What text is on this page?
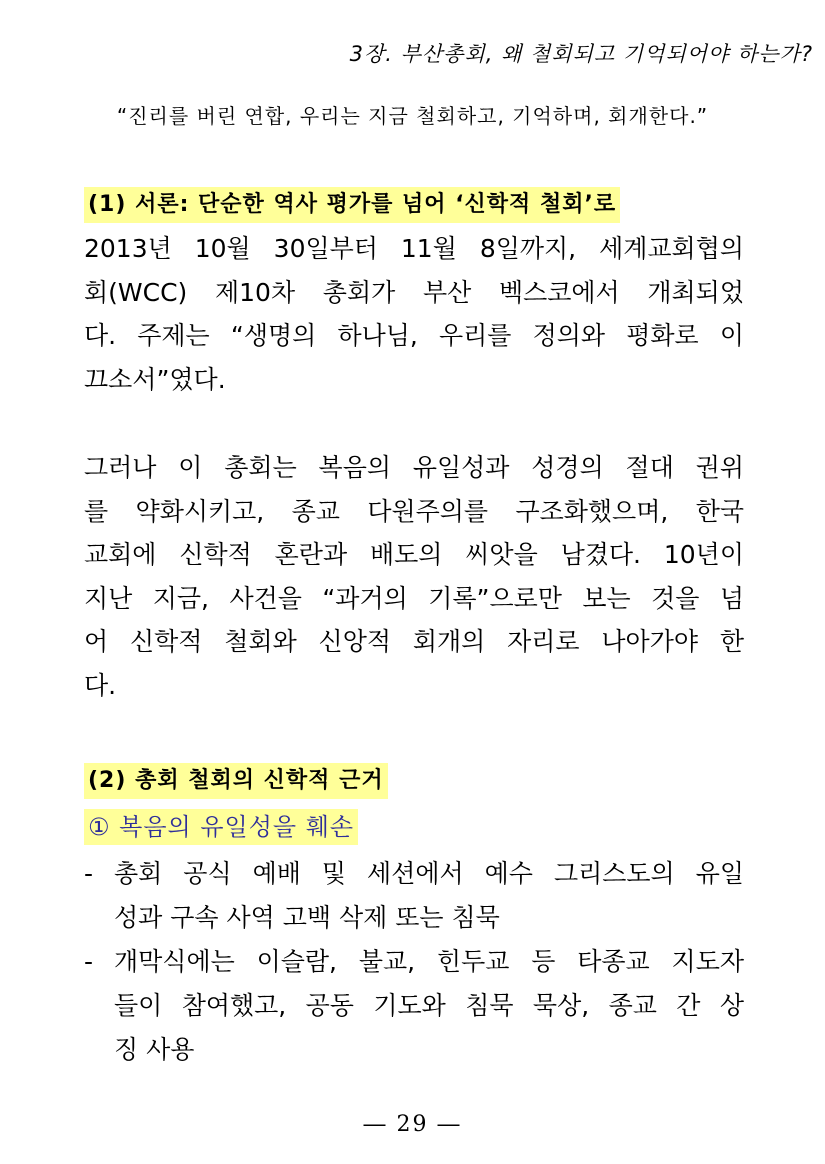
3장. 부산총회, 왜 철회되고 기억되어야 하는가?
“진리를 버린 연합, 우리는 지금 철회하고, 기억하며, 회개한다.”
(1) 서론: 단순한 역사 평가를 넘어 ‘신학적 철회’로
2013년 10월 30일부터 11월 8일까지, 세계교회협의
회(WCC) 제10차 총회가 부산 벡스코에서 개최되었
다. 주제는 “생명의 하나님, 우리를 정의와 평화로 이
끄소서”였다.
그러나 이 총회는 복음의 유일성과 성경의 절대 권위
를 약화시키고, 종교 다원주의를 구조화했으며, 한국
교회에 신학적 혼란과 배도의 씨앗을 남겼다. 10년이
지난 지금, 사건을 “과거의 기록”으로만 보는 것을 넘
어 신학적 철회와 신앙적 회개의 자리로 나아가야 한
다.
(2) 총회 철회의 신학적 근거
① 복음의 유일성을 훼손
- 총회 공식 예배 및 세션에서 예수 그리스도의 유일
성과 구속 사역 고백 삭제 또는 침묵
- 개막식에는 이슬람, 불교, 힌두교 등 타종교 지도자
들이 참여했고, 공동 기도와 침묵 묵상, 종교 간 상
징 사용
― 29 ―
